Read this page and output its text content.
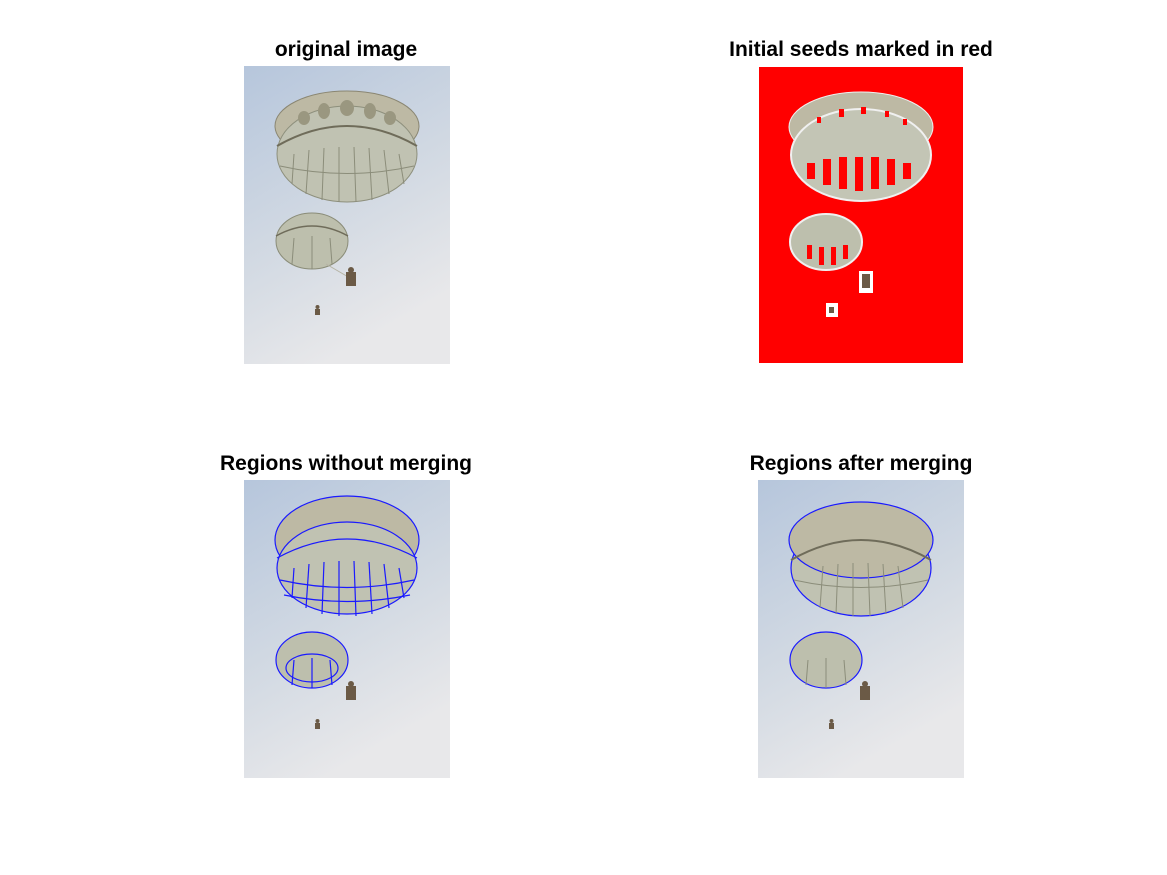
original image	Initial seeds marked in red
Regions without merging	Regions after merging
